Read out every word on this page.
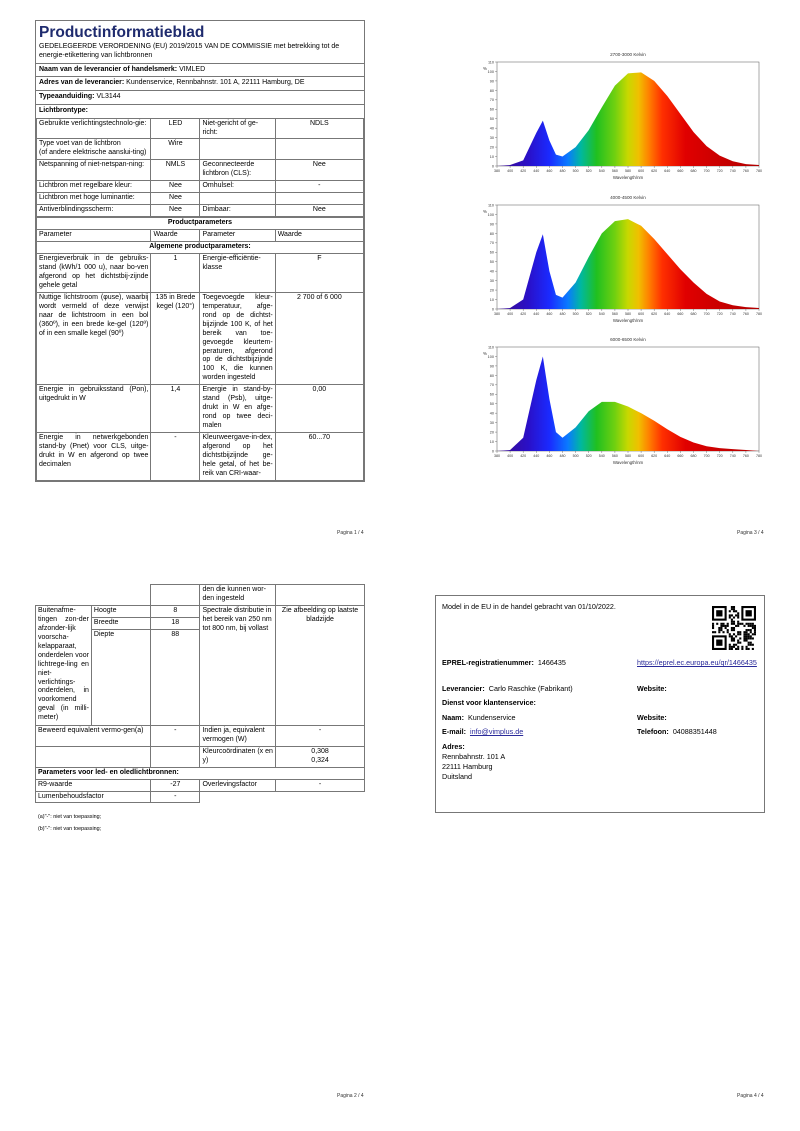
Productinformatieblad
GEDELEGEERDE VERORDENING (EU) 2019/2015 VAN DE COMMISSIE met betrekking tot de energie-etikettering van lichtbronnen
Naam van de leverancier of handelsmerk: VIMLED
Adres van de leverancier: Kundenservice, Rennbahnstr. 101 A, 22111 Hamburg, DE
Typeaanduiding: VL3144
Lichtbrontype:
Gebruikte verlichtingstechnolo-gie:	LED	Niet-gericht of ge-richt:	NDLS
Type voet van de lichtbron
(of andere elektrische aanslui-ting)	Wire		
Netspanning of niet-netspan-ning:	NMLS	Geconnecteerde lichtbron (CLS):	Nee
Lichtbron met regelbare kleur:	Nee	Omhulsel:	-
Lichtbron met hoge luminantie:	Nee		
Antiverblindingsscherm:	Nee	Dimbaar:	Nee
Productparameters			
Parameter	Waarde	Parameter	Waarde
Algemene productparameters:			
Energieverbruik in de gebruiks-stand (kWh/1 000 u), naar bo-ven afgerond op het dichtstbij-zijnde gehele getal	1	Energie-efficiëntie-klasse	F
Nuttige lichtstroom (φuse), waarbij wordt vermeld of deze verwijst naar de lichtstroom in een bol (360º), in een brede ke-gel (120º) of in een smalle kegel (90º)	135 in Brede kegel (120°)	Toegevoegde kleur-temperatuur, afge-rond op de dichtst-bijzijnde 100 K, of het bereik van toe-gevoegde kleurtem-peraturen, afgerond op de dichtstbijzijnde 100 K, die kunnen worden ingesteld	2 700 of 6 000
Energie in gebruiksstand (Pon), uitgedrukt in W	1,4	Energie in stand-by-stand (Psb), uitge-drukt in W en afge-rond op twee deci-malen	0,00
Energie in netwerkgebonden stand-by (Pnet) voor CLS, uitge-drukt in W en afgerond op twee decimalen	-	Kleurweergave-in-dex, afgerond op het dichtstbijzijnde ge-hele getal, of het be-reik van CRI-waar-	60...70
Pagina 1 / 4
2700-3000 Kelvin
%
0
10
20
30
40
50
60
70
80
90
100
110
380 400 420 440 460 480 500 520 540 560 580 600 620 640 660 680 700 720 740 760 780
Wavelength/nm
4000-4500 Kelvin
%
0
10
20
30
40
50
60
70
80
90
100
110
380 400 420 440 460 480 500 520 540 560 580 600 620 640 660 680 700 720 740 760 780
Wavelength/nm
6000-6500 Kelvin
%
0
10
20
30
40
50
60
70
80
90
100
110
380 400 420 440 460 480 500 520 540 560 580 600 620 640 660 680 700 720 740 760 780
Wavelength/nm
Pagina 3 / 4
			den die kunnen wor-den ingesteld	
Buitenafme-tingen zon-der afzonder-lijk voorscha-kelapparaat, onderdelen voor lichtrege-ling en niet-verlichtings-onderdelen, in voorkomend geval (in milli-meter)	Hoogte	8	Spectrale distributie in het bereik van 250 nm tot 800 nm, bij vollast	Zie afbeelding op laatste bladzijde
	Breedte	18		
	Diepte	88		
Beweerd equivalent vermo-gen(a)		-	Indien ja, equivalent vermogen (W)	-
			Kleurcoördinaten (x en y)	0,308
0,324

Parameters voor led- en oledlichtbronnen:				
R9-waarde		-27	Overlevingsfactor	-
Lumenbehoudsfactor		-		
(a)"-": niet van toepassing;
(b)"-": niet van toepassing;
Pagina 2 / 4
Model in de EU in de handel gebracht van 01/10/2022.
EPREL-registratienummer: 1466435	https://eprel.ec.europa.eu/qr/1466435
Leverancier: Carlo Raschke (Fabrikant)	Website:
Dienst voor klantenservice:
Naam: Kundenservice	Website:
E-mail: info@vimplus.de	Telefoon: 04088351448
Adres:
Rennbahnstr. 101 A
22111 Hamburg
Duitsland
Pagina 4 / 4
